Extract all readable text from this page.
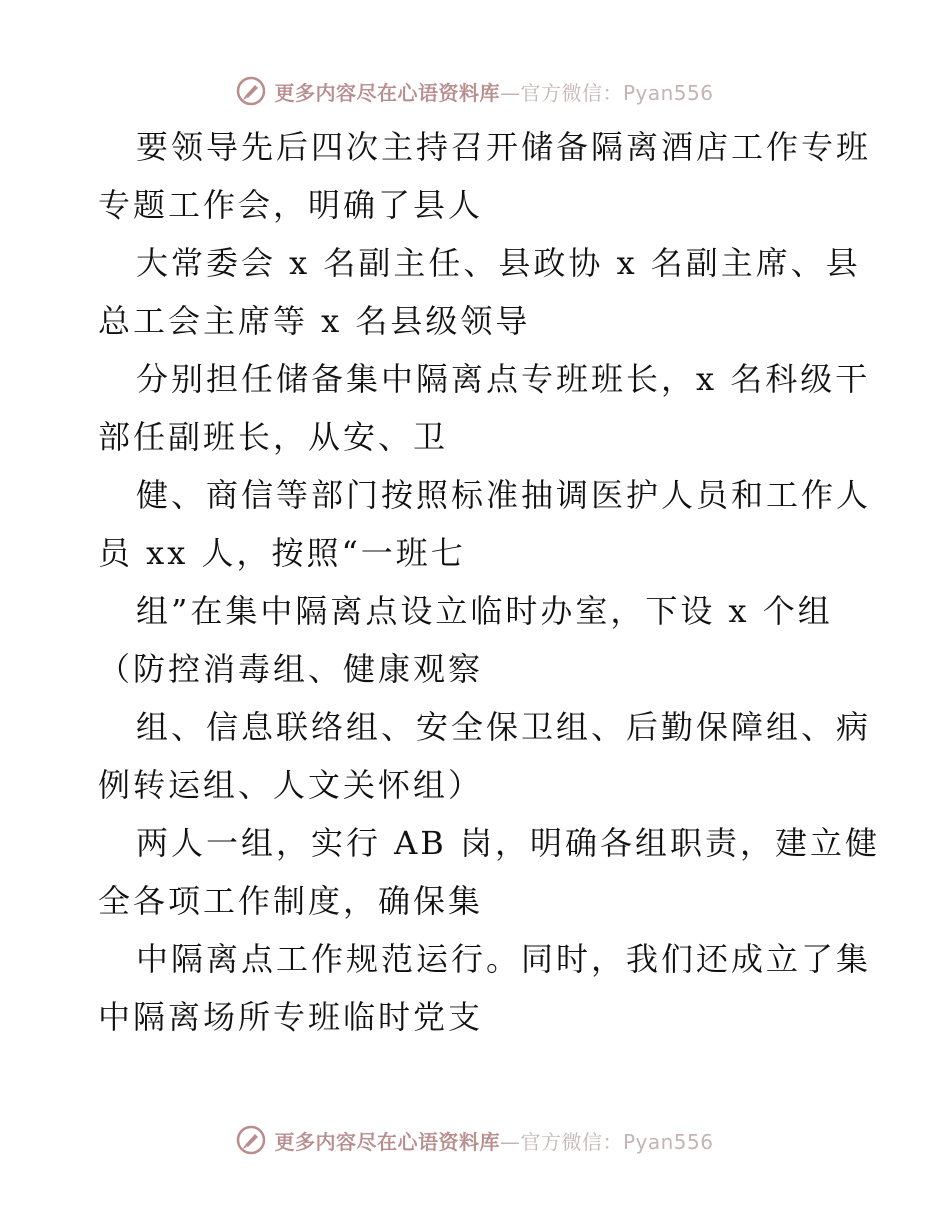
更多内容尽在心语资料库 —官方微信：Pyan556
要领导先后四次主持召开储备隔离酒店工作专班
专题工作会，明确了县人
大常委会 x 名副主任、县政协 x 名副主席、县
总工会主席等 x 名县级领导
分别担任储备集中隔离点专班班长，x 名科级干
部任副班长，从安、卫
健、商信等部门按照标准抽调医护人员和工作人
员 xx 人，按照“一班七
组”在集中隔离点设立临时办室，下设 x 个组
（防控消毒组、健康观察
组、信息联络组、安全保卫组、后勤保障组、病
例转运组、人文关怀组）
两人一组，实行 AB 岗，明确各组职责，建立健
全各项工作制度，确保集
中隔离点工作规范运行。同时，我们还成立了集
中隔离场所专班临时党支
更多内容尽在心语资料库 —官方微信：Pyan556
